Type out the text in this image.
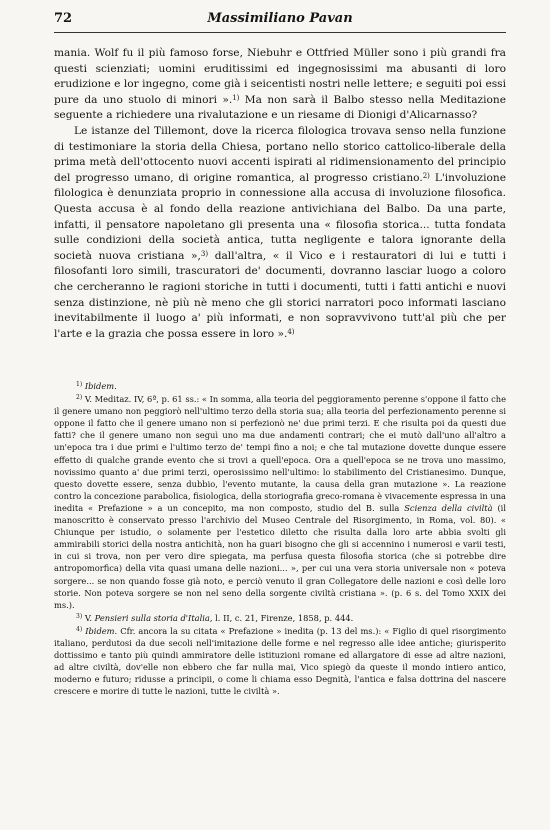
72	Massimiliano Pavan

mania. Wolf fu il più famoso forse, Niebuhr e Ottfried Müller sono i più grandi fra questi scienziati; uomini eruditissimi ed ingegnosissimi ma abusanti di loro erudizione e lor ingegno, come già i seicentisti nostri nelle lettere; e seguiti poi essi pure da uno stuolo di minori ».$^{1)}$ Ma non sarà il Balbo stesso nella Meditazione seguente a richiedere una rivalutazione e un riesame di Dionigi d'Alicarnasso?

Le istanze del Tillemont, dove la ricerca filologica trovava senso nella funzione di testimoniare la storia della Chiesa, portano nello storico cattolico-liberale della prima metà dell'ottocento nuovi accenti ispirati al ridimensionamento del principio del progresso umano, di origine romantica, al progresso cristiano.$^{2)}$ L'involuzione filologica è denunziata proprio in connessione alla accusa di involuzione filosofica. Questa accusa è al fondo della reazione antivichiana del Balbo. Da una parte, infatti, il pensatore napoletano gli presenta una « filosofia storica... tutta fondata sulle condizioni della società antica, tutta negligente e talora ignorante della società nuova cristiana »,$^{3)}$ dall'altra, « il Vico e i restauratori di lui e tutti i filosofanti loro simili, trascuratori de' documenti, dovranno lasciar luogo a coloro che cercheranno le ragioni storiche in tutti i documenti, tutti i fatti antichi e nuovi senza distinzione, nè più nè meno che gli storici narratori poco informati lasciano inevitabilmente il luogo a' più informati, e non sopravvivono tutt'al più che per l'arte e la grazia che possa essere in loro ».$^{4)}$

$^{1)}$ Ibidem.

$^{2)}$ V. Meditaz. IV, 6ª, p. 61 ss.: « In somma, alla teoria del peggioramento perenne s'oppone il fatto che il genere umano non peggiorò nell'ultimo terzo della storia sua; alla teoria del perfezionamento perenne si oppone il fatto che il genere umano non si perfezionò ne' due primi terzi. E che risulta poi da questi due fatti? che il genere umano non seguì uno ma due andamenti contrari; che ei mutò dall'uno all'altro a un'epoca tra i due primi e l'ultimo terzo de' tempi fino a noi; e che tal mutazione dovette dunque essere effetto di qualche grande evento che si trovi a quell'epoca. Ora a quell'epoca se ne trova uno massimo, novissimo quanto a' due primi terzi, operosissimo nell'ultimo: lo stabilimento del Cristianesimo. Dunque, questo dovette essere, senza dubbio, l'evento mutante, la causa della gran mutazione ». La reazione contro la concezione parabolica, fisiologica, della storiografia greco-romana è vivacemente espressa in una inedita « Prefazione » a un concepito, ma non composto, studio del B. sulla Scienza della civiltà (il manoscritto è conservato presso l'archivio del Museo Centrale del Risorgimento, in Roma, vol. 80). « Chiunque per istudio, o solamente per l'estetico diletto che risulta dalla loro arte abbia svolti gli ammirabili storici della nostra antichità, non ha guari bisogno che gli si accennino i numerosi e varii testi, in cui si trova, non per vero dire spiegata, ma perfusa questa filosofia storica (che si potrebbe dire antropomorfica) della vita quasi umana delle nazioni... », per cui una vera storia universale non « poteva sorgere... se non quando fosse già noto, e perciò venuto il gran Collegatore delle nazioni e così delle loro storie. Non poteva sorgere se non nel seno della sorgente civiltà cristiana ». (p. 6 s. del Tomo XXIX dei ms.).

$^{3)}$ V. Pensieri sulla storia d'Italia, l. II, c. 21, Firenze, 1858, p. 444.

$^{4)}$ Ibidem. Cfr. ancora la su citata « Prefazione » inedita (p. 13 del ms.): « Figlio di quel risorgimento italiano, perdutosi da due secoli nell'imitazione delle forme e nel regresso alle idee antiche; giurisperito dottissimo e tanto più quindi ammiratore delle istituzioni romane ed allargatore di esse ad altre nazioni, ad altre civiltà, dov'elle non ebbero che far nulla mai, Vico spiegò da queste il mondo intiero antico, moderno e futuro; ridusse a principii, o come li chiama esso Degnità, l'antica e falsa dottrina del nascere crescere e morire di tutte le nazioni, tutte le civiltà ».
